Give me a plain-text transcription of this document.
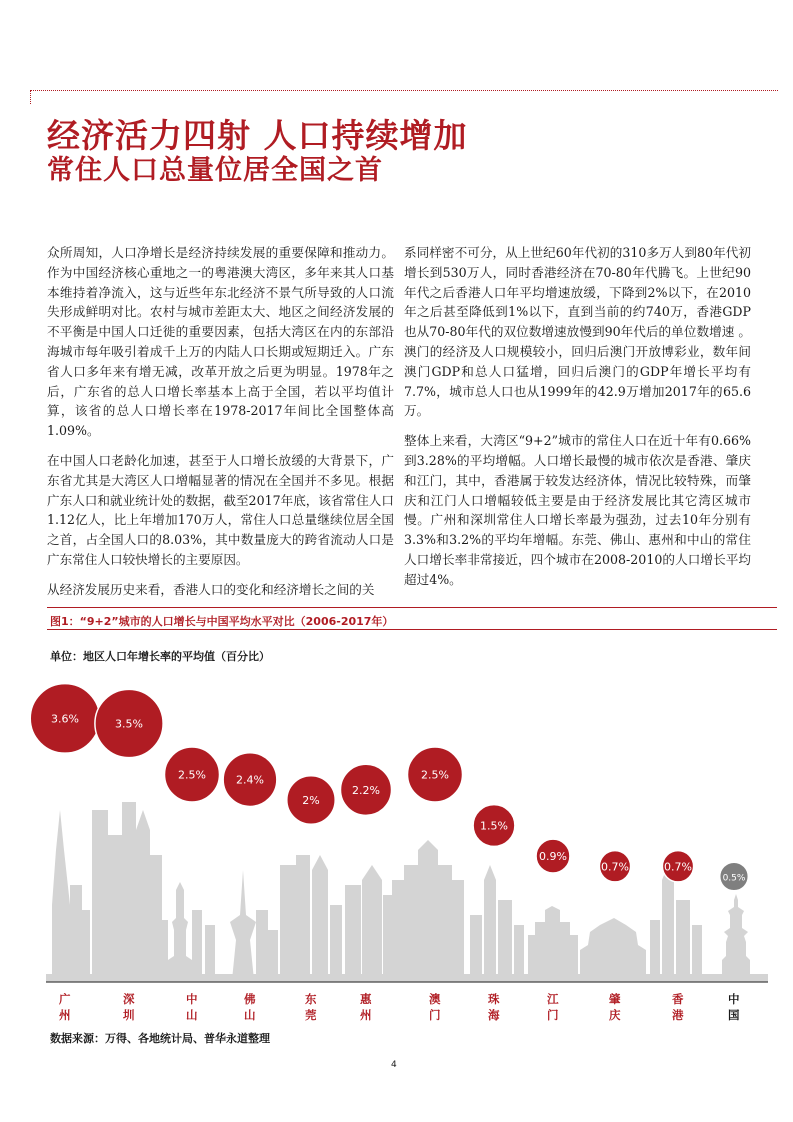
经济活力四射 人口持续增加
常住人口总量位居全国之首

众所周知，人口净增长是经济持续发展的重要保障和推动力。作为中国经济核心重地之一的粤港澳大湾区，多年来其人口基本维持着净流入，这与近些年东北经济不景气所导致的人口流失形成鲜明对比。农村与城市差距太大、地区之间经济发展的不平衡是中国人口迁徙的重要因素，包括大湾区在内的东部沿海城市每年吸引着成千上万的内陆人口长期或短期迁入。广东省人口多年来有增无减，改革开放之后更为明显。1978年之后，广东省的总人口增长率基本上高于全国，若以平均值计算，该省的总人口增长率在1978-2017年间比全国整体高1.09%。

在中国人口老龄化加速，甚至于人口增长放缓的大背景下，广东省尤其是大湾区人口增幅显著的情况在全国并不多见。根据广东人口和就业统计处的数据，截至2017年底，该省常住人口1.12亿人，比上年增加170万人，常住人口总量继续位居全国之首，占全国人口的8.03%，其中数量庞大的跨省流动人口是广东常住人口较快增长的主要原因。

从经济发展历史来看，香港人口的变化和经济增长之间的关

系同样密不可分，从上世纪60年代初的310多万人到80年代初增长到530万人，同时香港经济在70-80年代腾飞。上世纪90年代之后香港人口年平均增速放缓，下降到2%以下，在2010年之后甚至降低到1%以下，直到当前的约740万，香港GDP也从70-80年代的双位数增速放慢到90年代后的单位数增速 。澳门的经济及人口规模较小，回归后澳门开放博彩业，数年间澳门GDP和总人口猛增，回归后澳门的GDP年增长平均有7.7%，城市总人口也从1999年的42.9万增加2017年的65.6万。

整体上来看，大湾区“9+2”城市的常住人口在近十年有0.66%到3.28%的平均增幅。人口增长最慢的城市依次是香港、肇庆和江门，其中，香港属于较发达经济体，情况比较特殊，而肇庆和江门人口增幅较低主要是由于经济发展比其它湾区城市慢。广州和深圳常住人口增长率最为强劲，过去10年分别有3.3%和3.2%的平均年增幅。东莞、佛山、惠州和中山的常住人口增长率非常接近，四个城市在2008-2010的人口增长平均超过4%。

图1：“9+2”城市的人口增长与中国平均水平对比（2006-2017年）
单位：地区人口年增长率的平均值（百分比）
3.6%	3.5%
2.5%	2.4%
2%
2.2%
2.5%
1.5%
0.9%
0.7%	0.7%
0.5%
广
州
深
圳
中
山
佛
山
东
莞
惠
州
澳
门
珠
海
江
门
肇
庆
香
港
中
国
数据来源：万得、各地统计局、普华永道整理
4
